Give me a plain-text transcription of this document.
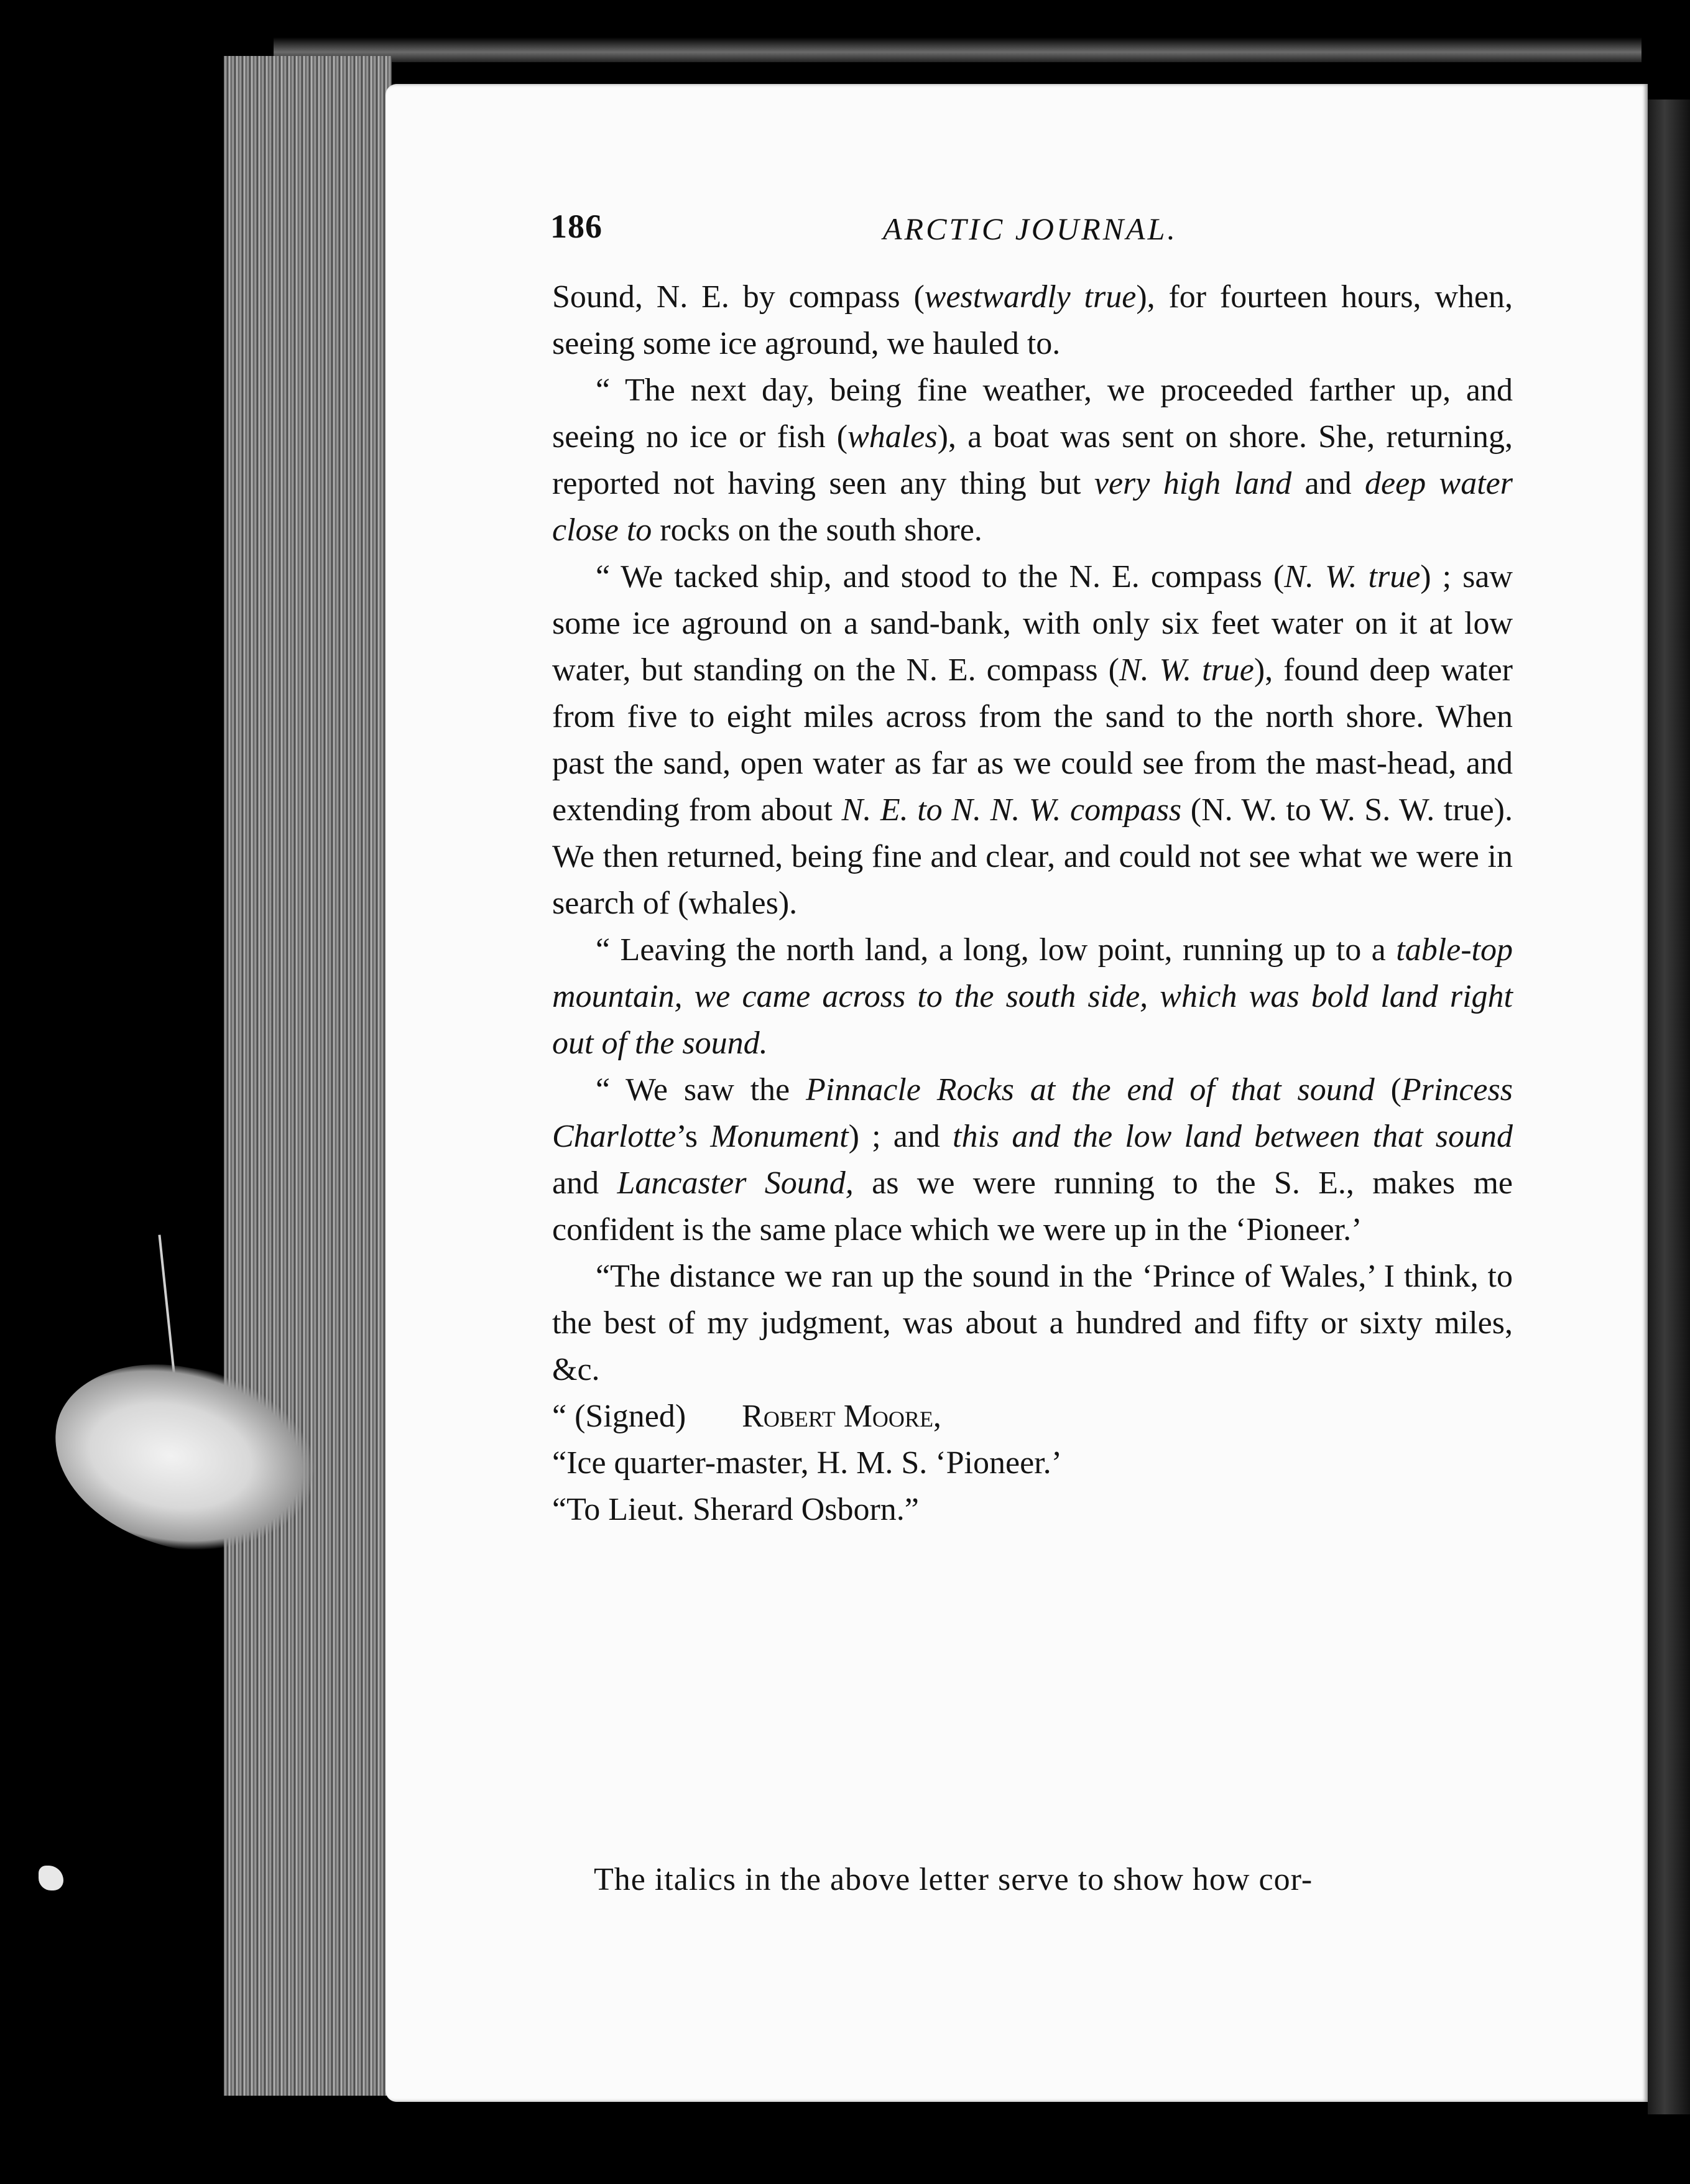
186	ARCTIC JOURNAL.

Sound, N. E. by compass (westwardly true), for fourteen hours, when, seeing some ice aground, we hauled to.

“ The next day, being fine weather, we proceeded farther up, and seeing no ice or fish (whales), a boat was sent on shore. She, returning, reported not having seen any thing but very high land and deep water close to rocks on the south shore.

“ We tacked ship, and stood to the N. E. compass (N. W. true) ; saw some ice aground on a sand-bank, with only six feet water on it at low water, but standing on the N. E. compass (N. W. true), found deep water from five to eight miles across from the sand to the north shore. When past the sand, open water as far as we could see from the mast-head, and extending from about N. E. to N. N. W. compass (N. W. to W. S. W. true). We then returned, being fine and clear, and could not see what we were in search of (whales).

“ Leaving the north land, a long, low point, running up to a table-top mountain, we came across to the south side, which was bold land right out of the sound.

“ We saw the Pinnacle Rocks at the end of that sound (Princess Charlotte’s Monument) ; and this and the low land between that sound and Lancaster Sound, as we were running to the S. E., makes me confident is the same place which we were up in the ‘Pioneer.’

“The distance we ran up the sound in the ‘Prince of Wales,’ I think, to the best of my judgment, was about a hundred and fifty or sixty miles, &c.

“ (Signed) Robert Moore,

“Ice quarter-master, H. M. S. ‘Pioneer.’

“To Lieut. Sherard Osborn.”

The italics in the above letter serve to show how cor-
